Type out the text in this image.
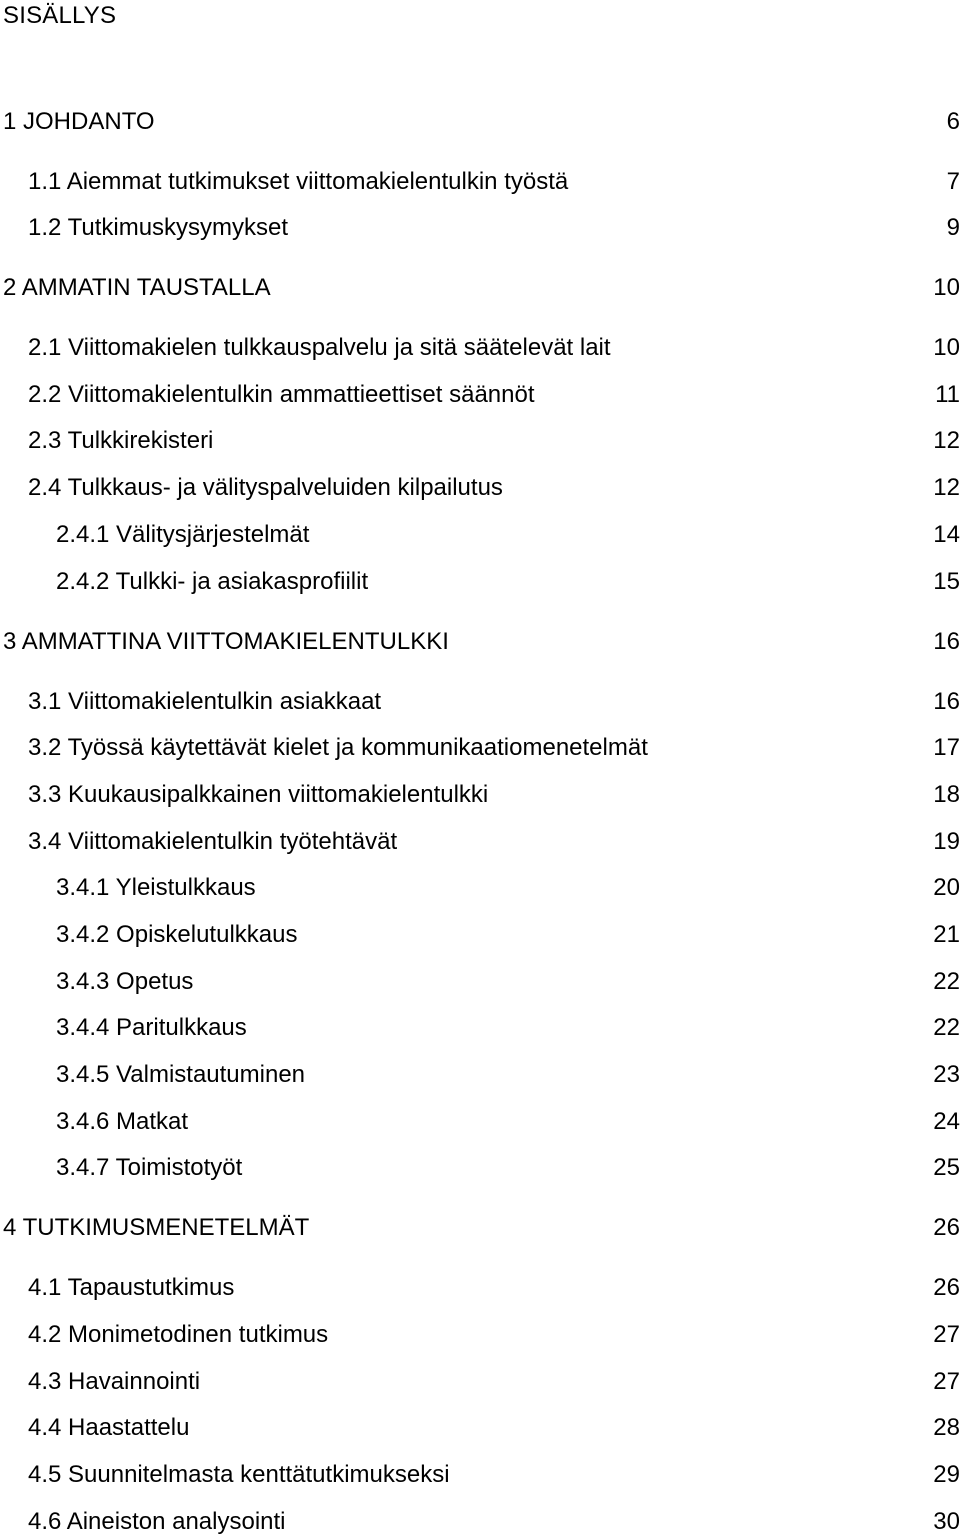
SISÄLLYS
1 JOHDANTO	6
1.1 Aiemmat tutkimukset viittomakielentulkin työstä	7
1.2 Tutkimuskysymykset	9
2 AMMATIN TAUSTALLA	10
2.1 Viittomakielen tulkkauspalvelu ja sitä säätelevät lait	10
2.2 Viittomakielentulkin ammattieettiset säännöt	11
2.3 Tulkkirekisteri	12
2.4 Tulkkaus- ja välityspalveluiden kilpailutus	12
2.4.1 Välitysjärjestelmät	14
2.4.2 Tulkki- ja asiakasprofiilit	15
3 AMMATTINA VIITTOMAKIELENTULKKI	16
3.1 Viittomakielentulkin asiakkaat	16
3.2 Työssä käytettävät kielet ja kommunikaatiomenetelmät	17
3.3 Kuukausipalkkainen viittomakielentulkki	18
3.4 Viittomakielentulkin työtehtävät	19
3.4.1 Yleistulkkaus	20
3.4.2 Opiskelutulkkaus	21
3.4.3 Opetus	22
3.4.4 Paritulkkaus	22
3.4.5 Valmistautuminen	23
3.4.6 Matkat	24
3.4.7 Toimistotyöt	25
4 TUTKIMUSMENETELMÄT	26
4.1 Tapaustutkimus	26
4.2 Monimetodinen tutkimus	27
4.3 Havainnointi	27
4.4 Haastattelu	28
4.5 Suunnitelmasta kenttätutkimukseksi	29
4.6 Aineiston analysointi	30
